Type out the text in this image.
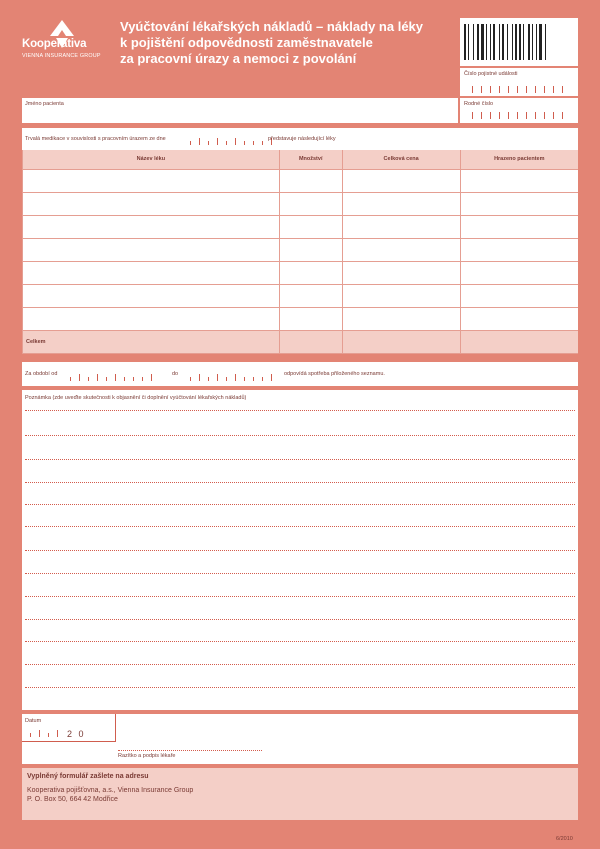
Kooperativa
VIENNA INSURANCE GROUP
Vyúčtování lékařských nákladů – náklady na léky
k pojištění odpovědnosti zaměstnavatele
za pracovní úrazy a nemoci z povolání
Číslo pojistné události
Jméno pacienta	Rodné číslo
Trvalá medikace v souvislosti s pracovním úrazem ze dne	představuje následující léky
Název léku	Množství	Celková cena	Hrazeno pacientem

Celkem			
Za období od	do	odpovídá spotřeba přiloženého seznamu.
Poznámka (zde uveďte skutečnosti k objasnění či doplnění vyúčtování lékařských nákladů)
Datum
2 0
Razítko a podpis lékaře
Vyplněný formulář zašlete na adresu
Kooperativa pojišťovna, a.s., Vienna Insurance Group
P. O. Box 50, 664 42 Modřice
6/2010
